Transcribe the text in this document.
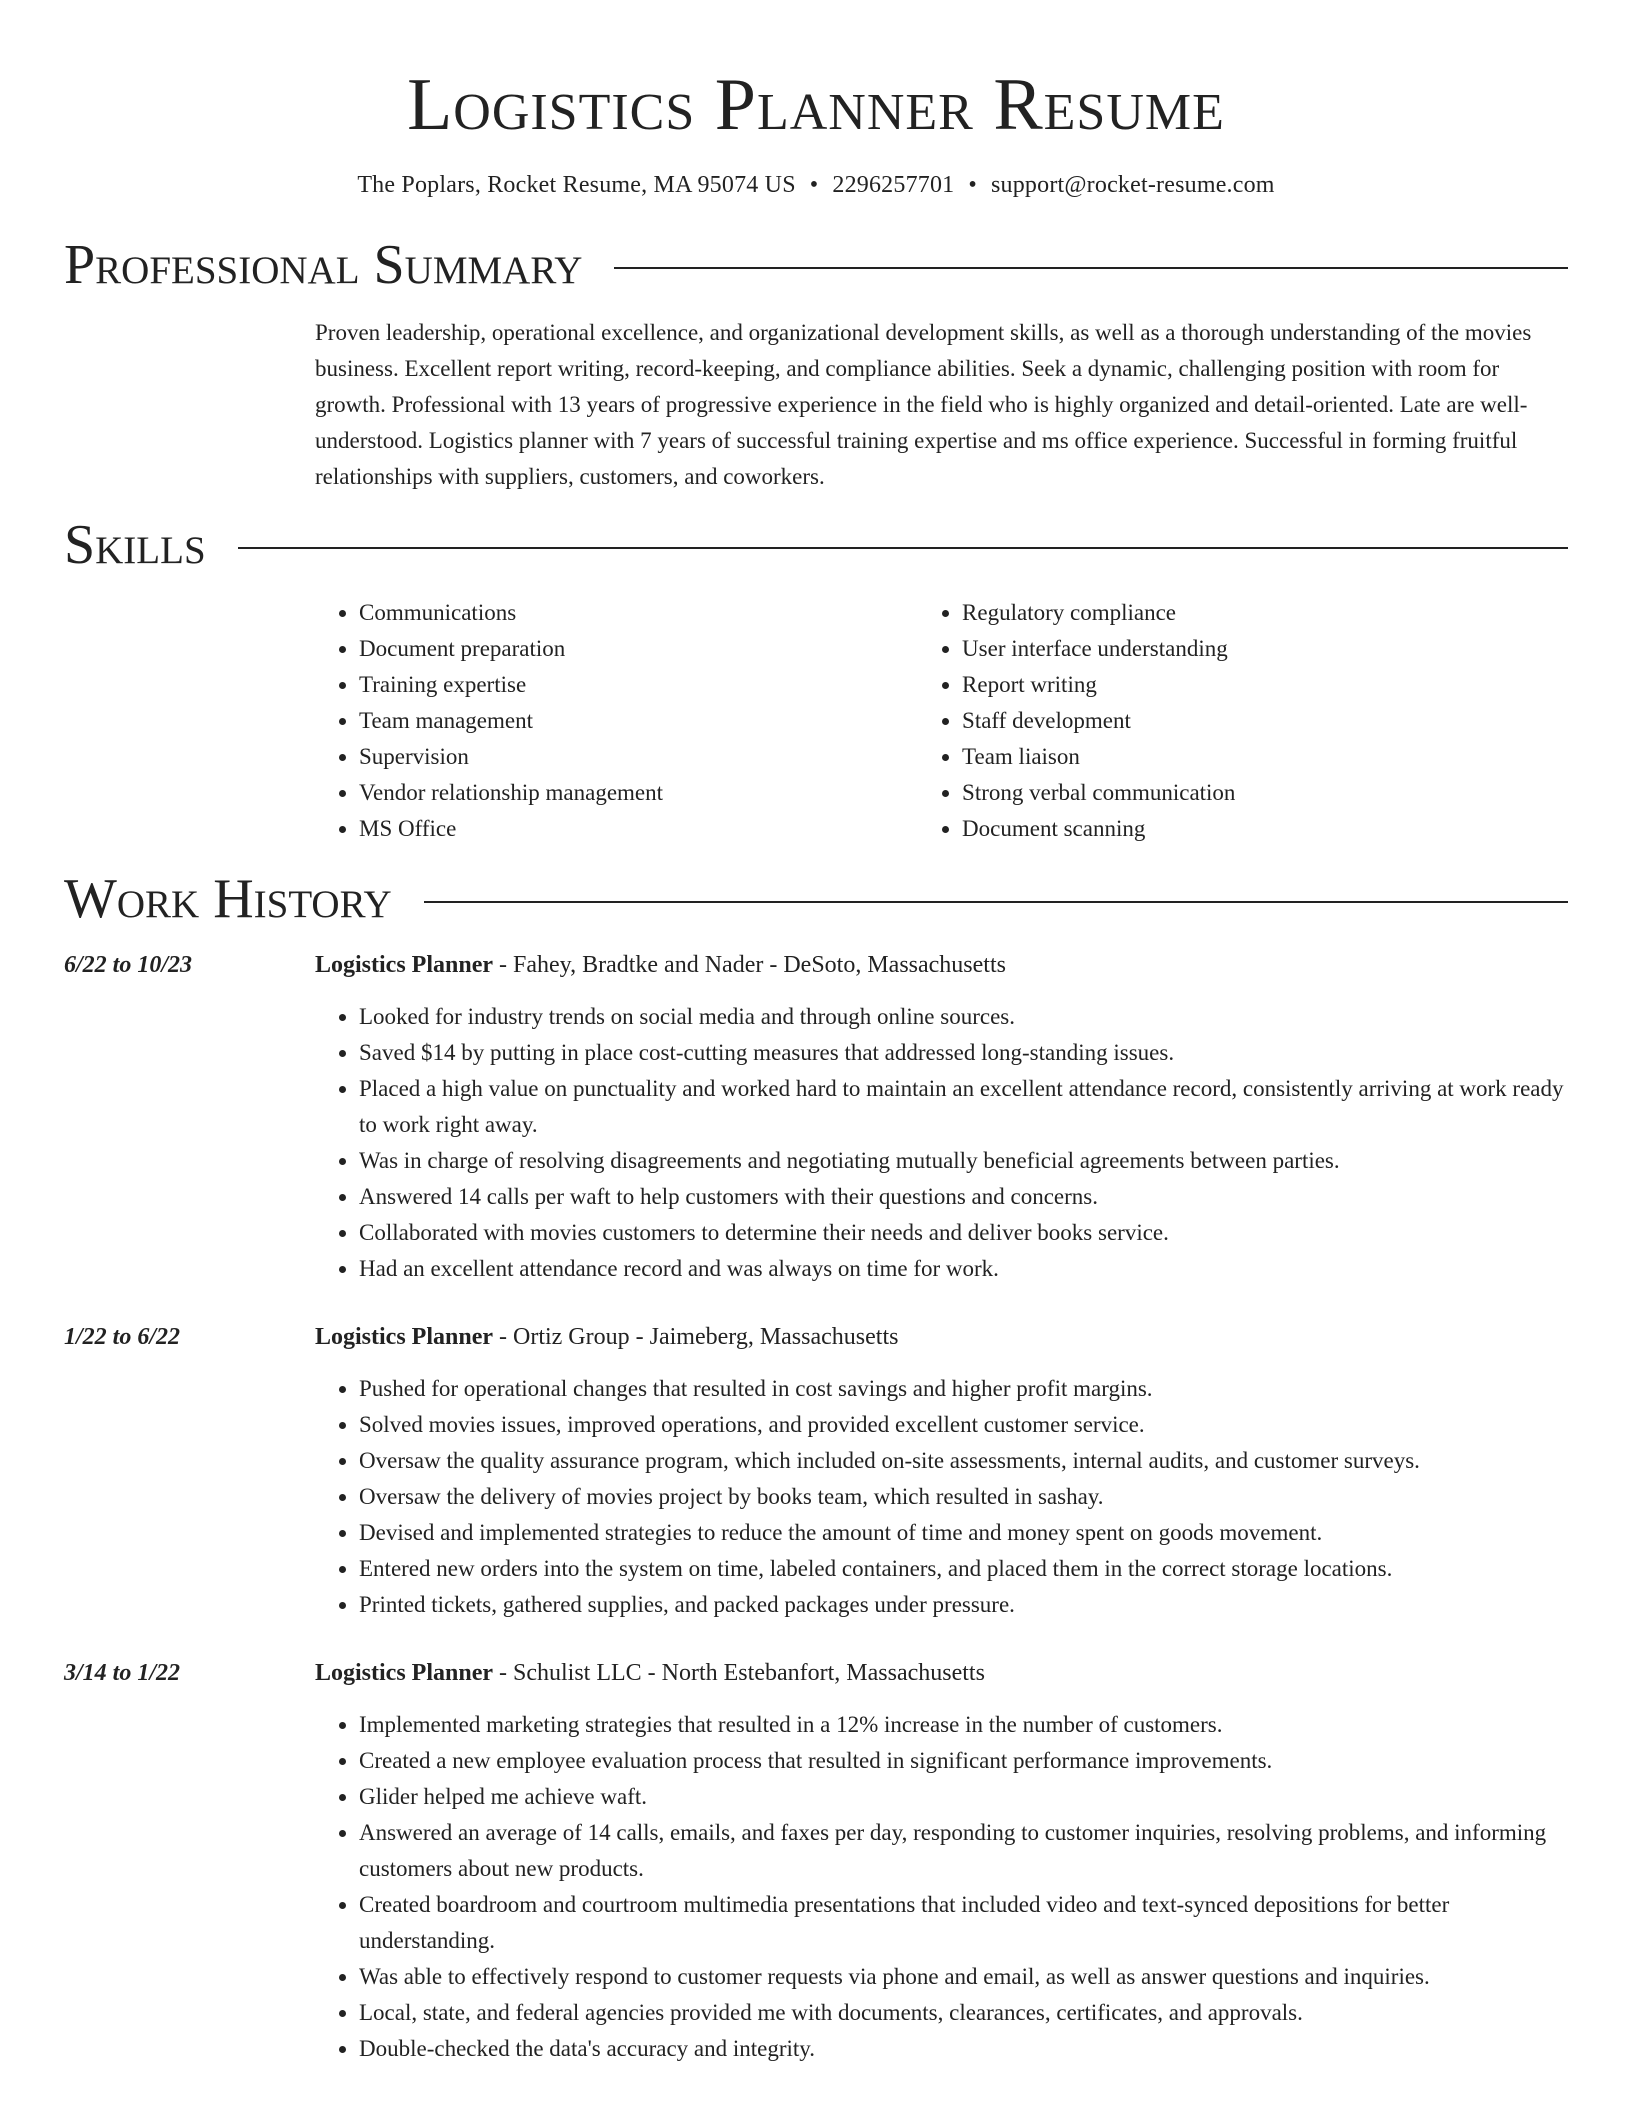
Logistics Planner Resume
The Poplars, Rocket Resume, MA 95074 US • 2296257701 • support@rocket-resume.com
Professional Summary

Proven leadership, operational excellence, and organizational development skills, as well as a thorough understanding of the movies business. Excellent report writing, record-keeping, and compliance abilities. Seek a dynamic, challenging position with room for growth. Professional with 13 years of progressive experience in the field who is highly organized and detail-oriented. Late are well-understood. Logistics planner with 7 years of successful training expertise and ms office experience. Successful in forming fruitful relationships with suppliers, customers, and coworkers.

Skills
• Communications
• Document preparation
• Training expertise
• Team management
• Supervision
• Vendor relationship management
• MS Office
• Regulatory compliance
• User interface understanding
• Report writing
• Staff development
• Team liaison
• Strong verbal communication
• Document scanning
Work History
6/22 to 10/23	Logistics Planner - Fahey, Bradtke and Nader - DeSoto, Massachusetts
• Looked for industry trends on social media and through online sources.
• Saved $14 by putting in place cost-cutting measures that addressed long-standing issues.
• Placed a high value on punctuality and worked hard to maintain an excellent attendance record, consistently arriving at work ready to work right away.
• Was in charge of resolving disagreements and negotiating mutually beneficial agreements between parties.
• Answered 14 calls per waft to help customers with their questions and concerns.
• Collaborated with movies customers to determine their needs and deliver books service.
• Had an excellent attendance record and was always on time for work.
1/22 to 6/22	Logistics Planner - Ortiz Group - Jaimeberg, Massachusetts
• Pushed for operational changes that resulted in cost savings and higher profit margins.
• Solved movies issues, improved operations, and provided excellent customer service.
• Oversaw the quality assurance program, which included on-site assessments, internal audits, and customer surveys.
• Oversaw the delivery of movies project by books team, which resulted in sashay.
• Devised and implemented strategies to reduce the amount of time and money spent on goods movement.
• Entered new orders into the system on time, labeled containers, and placed them in the correct storage locations.
• Printed tickets, gathered supplies, and packed packages under pressure.
3/14 to 1/22	Logistics Planner - Schulist LLC - North Estebanfort, Massachusetts
• Implemented marketing strategies that resulted in a 12% increase in the number of customers.
• Created a new employee evaluation process that resulted in significant performance improvements.
• Glider helped me achieve waft.
• Answered an average of 14 calls, emails, and faxes per day, responding to customer inquiries, resolving problems, and informing customers about new products.
• Created boardroom and courtroom multimedia presentations that included video and text-synced depositions for better understanding.
• Was able to effectively respond to customer requests via phone and email, as well as answer questions and inquiries.
• Local, state, and federal agencies provided me with documents, clearances, certificates, and approvals.
• Double-checked the data's accuracy and integrity.
